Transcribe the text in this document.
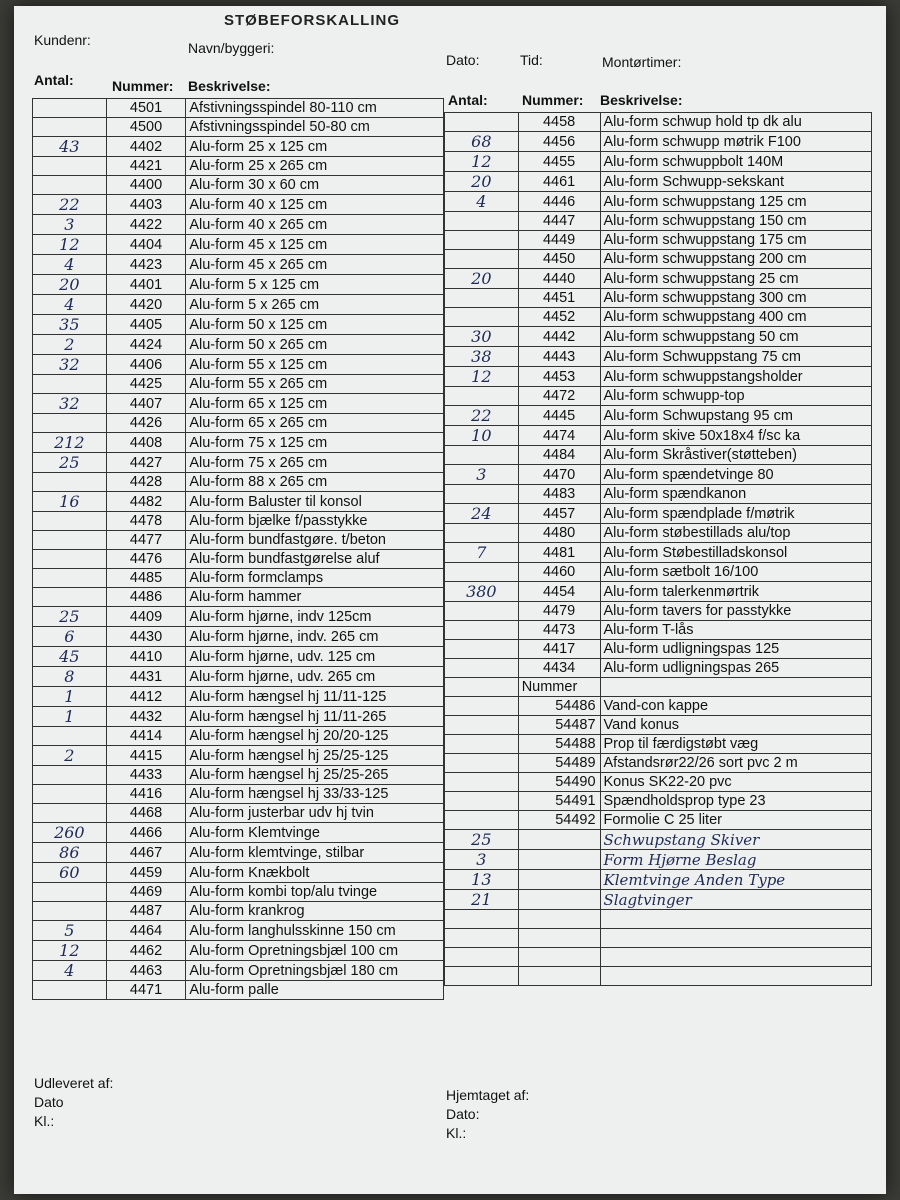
STØBEFORSKALLING
Kundenr:	Navn/byggeri:
Dato:	Tid:	Montørtimer:
Antal:	Nummer: Beskrivelse:
Antal: Nummer: Beskrivelse:
	4501	Afstivningsspindel 80-110 cm
	4500	Afstivningsspindel 50-80 cm
43	4402	Alu-form 25 x 125 cm
	4421	Alu-form 25 x 265 cm
	4400	Alu-form 30 x 60 cm
22	4403	Alu-form 40 x 125 cm
3	4422	Alu-form 40 x 265 cm
12	4404	Alu-form 45 x 125 cm
4	4423	Alu-form 45 x 265 cm
20	4401	Alu-form 5 x 125 cm
4	4420	Alu-form 5 x 265 cm
35	4405	Alu-form 50 x 125 cm
2	4424	Alu-form 50 x 265 cm
32	4406	Alu-form 55 x 125 cm
	4425	Alu-form 55 x 265 cm
32	4407	Alu-form 65 x 125 cm
	4426	Alu-form 65 x 265 cm
212	4408	Alu-form 75 x 125 cm
25	4427	Alu-form 75 x 265 cm
	4428	Alu-form 88 x 265 cm
16	4482	Alu-form Baluster til konsol
	4478	Alu-form bjælke f/passtykke
	4477	Alu-form bundfastgøre. t/beton
	4476	Alu-form bundfastgørelse aluf
	4485	Alu-form formclamps
	4486	Alu-form hammer
25	4409	Alu-form hjørne, indv 125cm
6	4430	Alu-form hjørne, indv. 265 cm
45	4410	Alu-form hjørne, udv. 125 cm
8	4431	Alu-form hjørne, udv. 265 cm
1	4412	Alu-form hængsel hj 11/11-125
1	4432	Alu-form hængsel hj 11/11-265
	4414	Alu-form hængsel hj 20/20-125
2	4415	Alu-form hængsel hj 25/25-125
	4433	Alu-form hængsel hj 25/25-265
	4416	Alu-form hængsel hj 33/33-125
	4468	Alu-form justerbar udv hj tvin
260	4466	Alu-form Klemtvinge
86	4467	Alu-form klemtvinge, stilbar
60	4459	Alu-form Knækbolt
	4469	Alu-form kombi top/alu tvinge
	4487	Alu-form krankrog
5	4464	Alu-form langhulsskinne 150 cm
12	4462	Alu-form Opretningsbjæl 100 cm
4	4463	Alu-form Opretningsbjæl 180 cm
	4471	Alu-form palle
	4458	Alu-form schwup hold tp dk alu
68	4456	Alu-form schwupp møtrik F100
12	4455	Alu-form schwuppbolt 140M
20	4461	Alu-form Schwupp-sekskant
4	4446	Alu-form schwuppstang 125 cm
	4447	Alu-form schwuppstang 150 cm
	4449	Alu-form schwuppstang 175 cm
	4450	Alu-form schwuppstang 200 cm
20	4440	Alu-form schwuppstang 25 cm
	4451	Alu-form schwuppstang 300 cm
	4452	Alu-form schwuppstang 400 cm
30	4442	Alu-form schwuppstang 50 cm
38	4443	Alu-form Schwuppstang 75 cm
12	4453	Alu-form schwuppstangsholder
	4472	Alu-form schwupp-top
22	4445	Alu-form Schwupstang 95 cm
10	4474	Alu-form skive 50x18x4 f/sc ka
	4484	Alu-form Skråstiver(støtteben)
3	4470	Alu-form spændetvinge 80
	4483	Alu-form spændkanon
24	4457	Alu-form spændplade f/møtrik
	4480	Alu-form støbestillads alu/top
7	4481	Alu-form Støbestilladskonsol
	4460	Alu-form sætbolt 16/100
380	4454	Alu-form talerkenmørtrik
	4479	Alu-form tavers for passtykke
	4473	Alu-form T-lås
	4417	Alu-form udligningspas 125
	4434	Alu-form udligningspas 265
	Nummer	
	54486	Vand-con kappe
	54487	Vand konus
	54488	Prop til færdigstøbt væg
	54489	Afstandsrør22/26 sort pvc 2 m
	54490	Konus SK22-20 pvc
	54491	Spændholdsprop type 23
	54492	Formolie C 25 liter
25		Schwupstang Skiver
3		Form Hjørne Beslag
13		Klemtvinge Anden Type
21		Slagtvinger

Udleveret af:
Dato
Kl.:
Hjemtaget af:
Dato:
Kl.:
